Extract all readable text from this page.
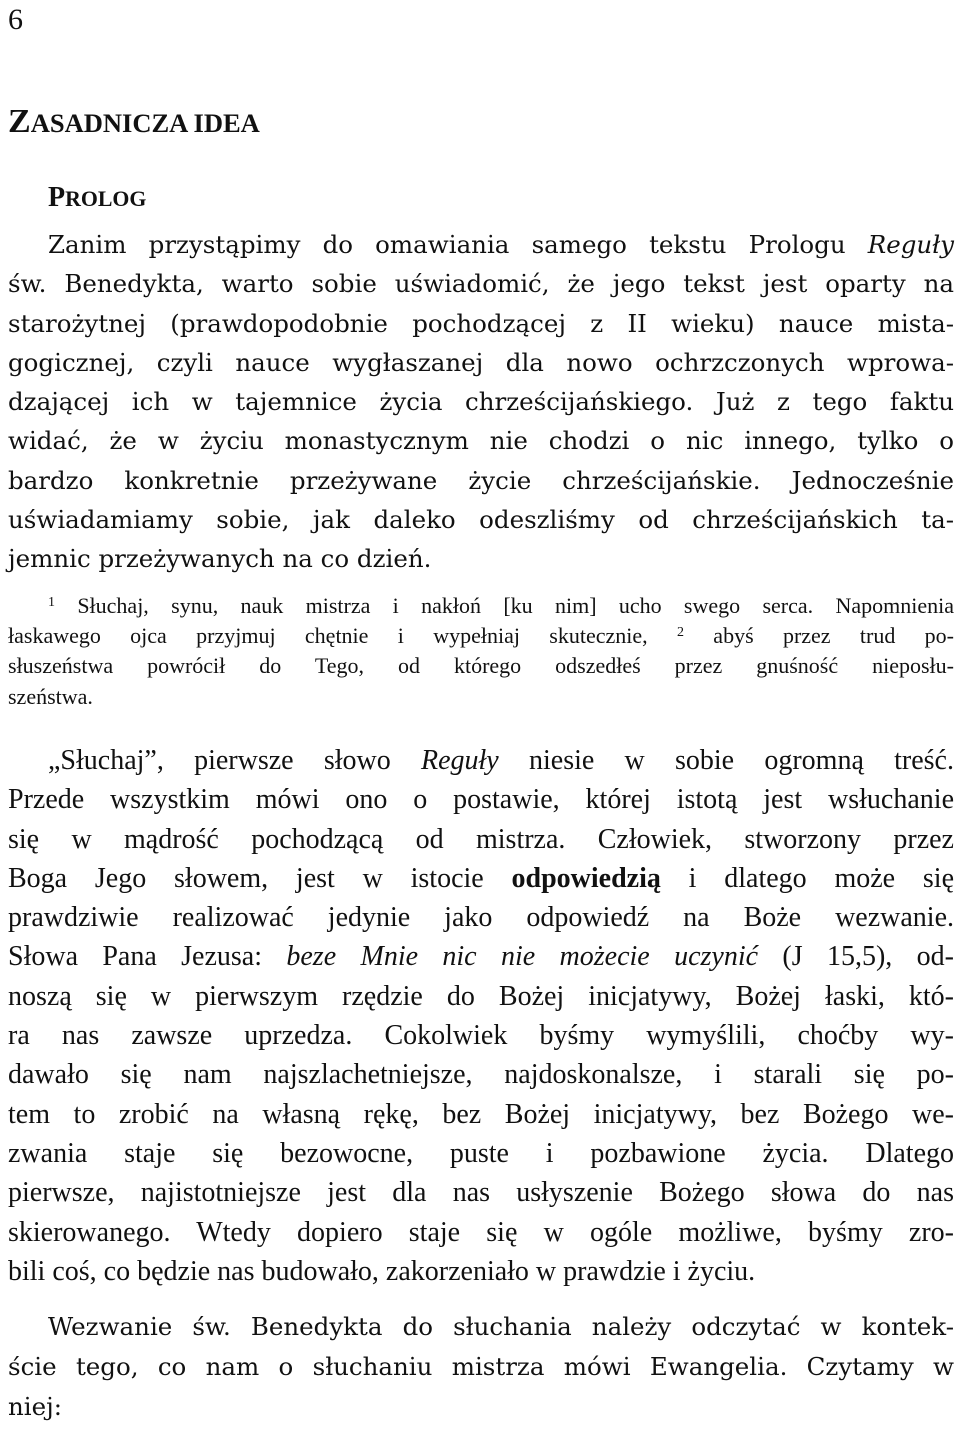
6
ZASADNICZA IDEA
PROLOG
Zanim przystąpimy do omawiania samego tekstu Prologu Reguły
św. Benedykta, warto sobie uświadomić, że jego tekst jest oparty na
starożytnej (prawdopodobnie pochodzącej z II wieku) nauce mista-
gogicznej, czyli nauce wygłaszanej dla nowo ochrzczonych wprowa-
dzającej ich w tajemnice życia chrześcijańskiego. Już z tego faktu
widać, że w życiu monastycznym nie chodzi o nic innego, tylko o
bardzo konkretnie przeżywane życie chrześcijańskie. Jednocześnie
uświadamiamy sobie, jak daleko odeszliśmy od chrześcijańskich ta-
jemnic przeżywanych na co dzień.
$^1$ Słuchaj, synu, nauk mistrza i nakłoń [ku nim] ucho swego serca. Napomnienia
łaskawego ojca przyjmuj chętnie i wypełniaj skutecznie, $^2$ abyś przez trud po-
słuszeństwa powrócił do Tego, od którego odszedłeś przez gnuśność nieposłu-
szeństwa.
„Słuchaj”, pierwsze słowo Reguły niesie w sobie ogromną treść.
Przede wszystkim mówi ono o postawie, której istotą jest wsłuchanie
się w mądrość pochodzącą od mistrza. Człowiek, stworzony przez
Boga Jego słowem, jest w istocie odpowiedzią i dlatego może się
prawdziwie realizować jedynie jako odpowiedź na Boże wezwanie.
Słowa Pana Jezusa: beze Mnie nic nie możecie uczynić (J 15,5), od-
noszą się w pierwszym rzędzie do Bożej inicjatywy, Bożej łaski, któ-
ra nas zawsze uprzedza. Cokolwiek byśmy wymyślili, choćby wy-
dawało się nam najszlachetniejsze, najdoskonalsze, i starali się po-
tem to zrobić na własną rękę, bez Bożej inicjatywy, bez Bożego we-
zwania staje się bezowocne, puste i pozbawione życia. Dlatego
pierwsze, najistotniejsze jest dla nas usłyszenie Bożego słowa do nas
skierowanego. Wtedy dopiero staje się w ogóle możliwe, byśmy zro-
bili coś, co będzie nas budowało, zakorzeniało w prawdzie i życiu.
Wezwanie św. Benedykta do słuchania należy odczytać w kontek-
ście tego, co nam o słuchaniu mistrza mówi Ewangelia. Czytamy w
niej:
